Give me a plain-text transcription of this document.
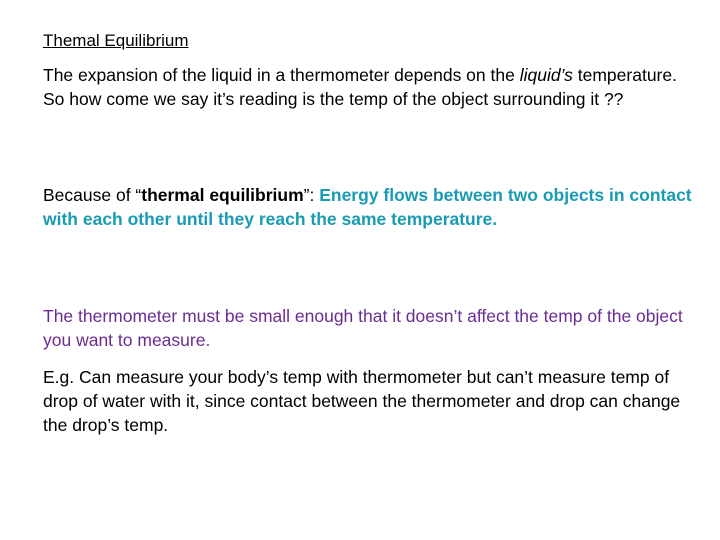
Themal Equilibrium

The expansion of the liquid in a thermometer depends on the liquid’s temperature. So how come we say it’s reading is the temp of the object surrounding it ??

Because of “thermal equilibrium”: Energy flows between two objects in contact with each other until they reach the same temperature.

The thermometer must be small enough that it doesn’t affect the temp of the object you want to measure.

E.g. Can measure your body’s temp with thermometer but can’t measure temp of drop of water with it, since contact between the thermometer and drop can change the drop’s temp.
